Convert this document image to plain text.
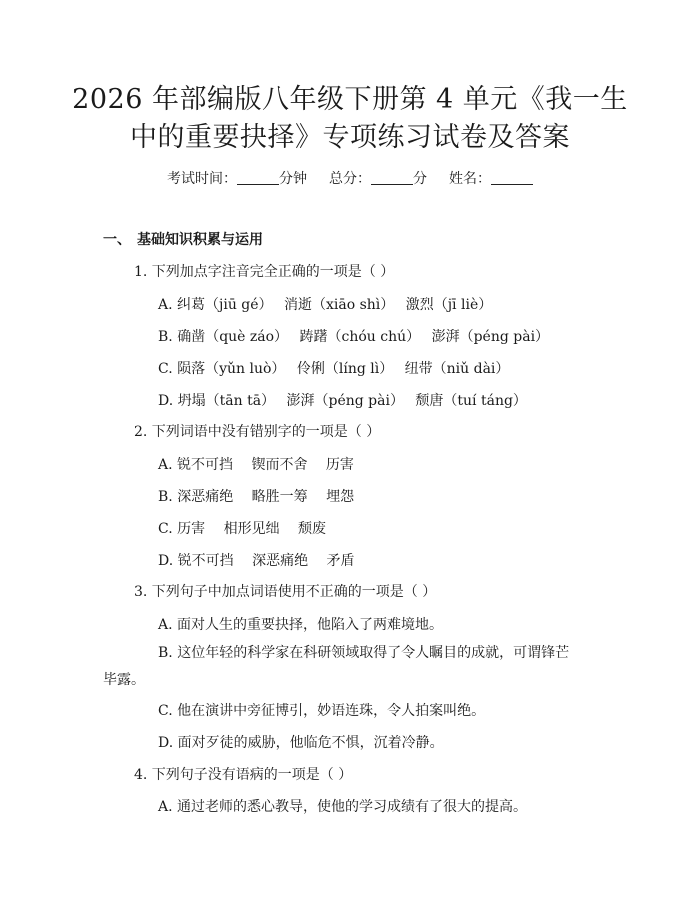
2026 年部编版八年级下册第 4 单元《我一生
中的重要抉择》专项练习试卷及答案
考试时间：	分钟 总分：	分 姓名：
一、 基础知识积累与运用
1. 下列加点字注音完全正确的一项是（ ）
A. 纠葛（jiū gé）　 消逝（xiāo shì）　 激烈（jī liè）
B. 确凿（què záo）　 踌躇（chóu chú）　 澎湃（péng pài）
C. 陨落（yǔn luò）　 伶俐（líng lì）　 纽带（niǔ dài）
D. 坍塌（tān tā）　 澎湃（péng pài）　 颓唐（tuí táng）
2. 下列词语中没有错别字的一项是（ ）
A. 锐不可挡　 锲而不舍　 历害
B. 深恶痛绝　 略胜一筹　 埋怨
C. 历害　 相形见绌　 颓废
D. 锐不可挡　 深恶痛绝　 矛盾
3. 下列句子中加点词语使用不正确的一项是（ ）
A. 面对人生的重要抉择，他陷入了两难境地。
B. 这位年轻的科学家在科研领域取得了令人瞩目的成就，可谓锋芒毕露。
C. 他在演讲中旁征博引，妙语连珠，令人拍案叫绝。
D. 面对歹徒的威胁，他临危不惧，沉着冷静。
4. 下列句子没有语病的一项是（ ）
A. 通过老师的悉心教导，使他的学习成绩有了很大的提高。
